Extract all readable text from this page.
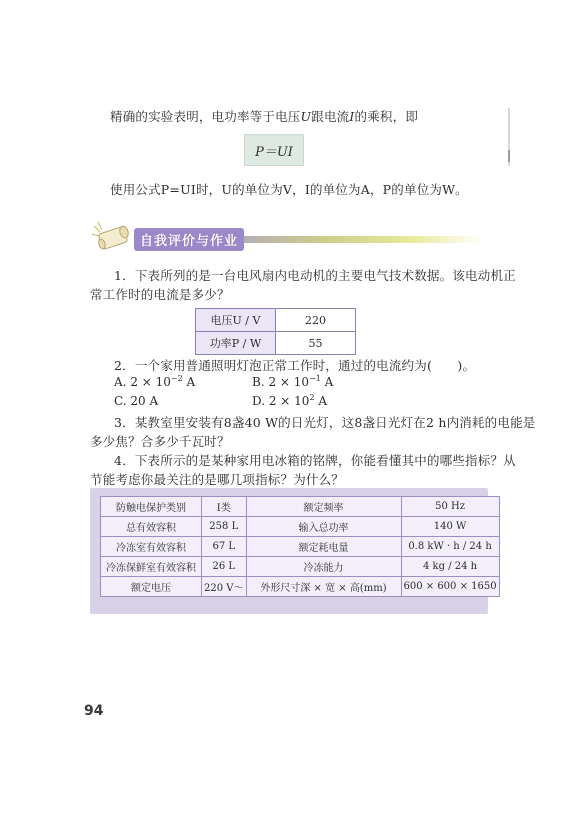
精确的实验表明，电功率等于电压U跟电流I的乘积，即
P＝UI
使用公式P=UI时，U的单位为V，I的单位为A，P的单位为W。
自我评价与作业
1．下表所列的是一台电风扇内电动机的主要电气技术数据。该电动机正
常工作时的电流是多少？
电压U / V	220
功率P / W	55
2．一个家用普通照明灯泡正常工作时，通过的电流约为(　　)。
A. $2 \times 10^{-2}$ A	B. $2 \times 10^{-1}$ A
C. 20 A	D. $2 \times 10^2$ A
3．某教室里安装有8盏40 W的日光灯，这8盏日光灯在2 h内消耗的电能是
多少焦？合多少千瓦时？
4．下表所示的是某种家用电冰箱的铭牌，你能看懂其中的哪些指标？从
节能考虑你最关注的是哪几项指标？为什么？
防触电保护类别	Ⅰ类	额定频率	50 Hz
总有效容积	258 L	输入总功率	140 W
冷冻室有效容积	67 L	额定耗电量	0.8 kW · h / 24 h
冷冻保鲜室有效容积	26 L	冷冻能力	4 kg / 24 h
额定电压	220 V～	外形尺寸深 × 宽 × 高(mm)	600 × 600 × 1650
94
